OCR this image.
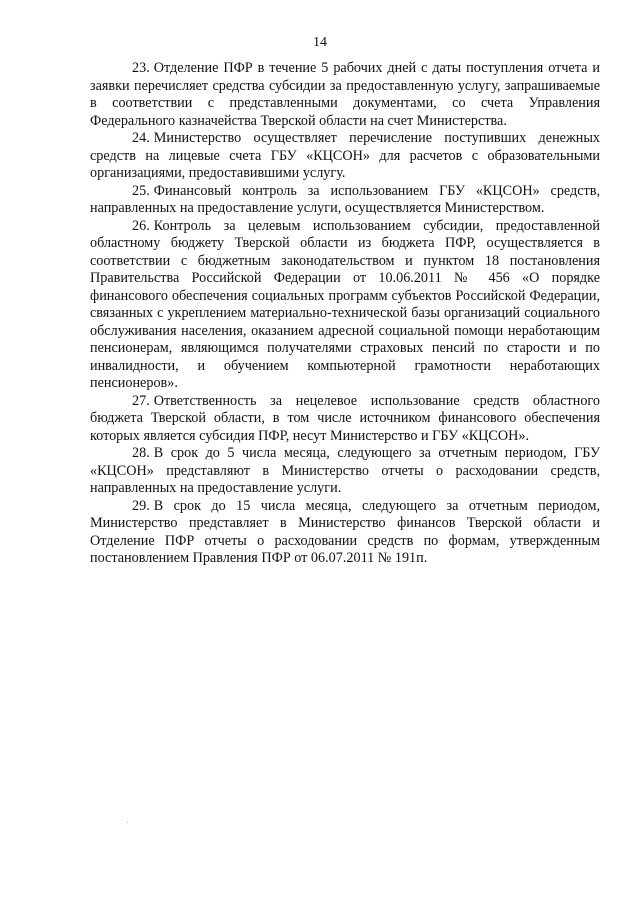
14

23. Отделение ПФР в течение 5 рабочих дней с даты поступления отчета и заявки перечисляет средства субсидии за предоставленную услугу, запрашиваемые в соответствии с представленными документами, со счета Управления Федерального казначейства Тверской области на счет Министерства.

24. Министерство осуществляет перечисление поступивших денежных средств на лицевые счета ГБУ «КЦСОН» для расчетов с образовательными организациями, предоставившими услугу.

25. Финансовый контроль за использованием ГБУ «КЦСОН» средств, направленных на предоставление услуги, осуществляется Министерством.

26. Контроль за целевым использованием субсидии, предоставленной областному бюджету Тверской области из бюджета ПФР, осуществляется в соответствии с бюджетным законодательством и пунктом 18 постановления Правительства Российской Федерации от 10.06.2011 № 456 «О порядке финансового обеспечения социальных программ субъектов Российской Федерации, связанных с укреплением материально-технической базы организаций социального обслуживания населения, оказанием адресной социальной помощи неработающим пенсионерам, являющимся получателями страховых пенсий по старости и по инвалидности, и обучением компьютерной грамотности неработающих пенсионеров».

27. Ответственность за нецелевое использование средств областного бюджета Тверской области, в том числе источником финансового обеспечения которых является субсидия ПФР, несут Министерство и ГБУ «КЦСОН».

28. В срок до 5 числа месяца, следующего за отчетным периодом, ГБУ «КЦСОН» представляют в Министерство отчеты о расходовании средств, направленных на предоставление услуги.

29. В срок до 15 числа месяца, следующего за отчетным периодом, Министерство представляет в Министерство финансов Тверской области и Отделение ПФР отчеты о расходовании средств по формам, утвержденным постановлением Правления ПФР от 06.07.2011 № 191п.
